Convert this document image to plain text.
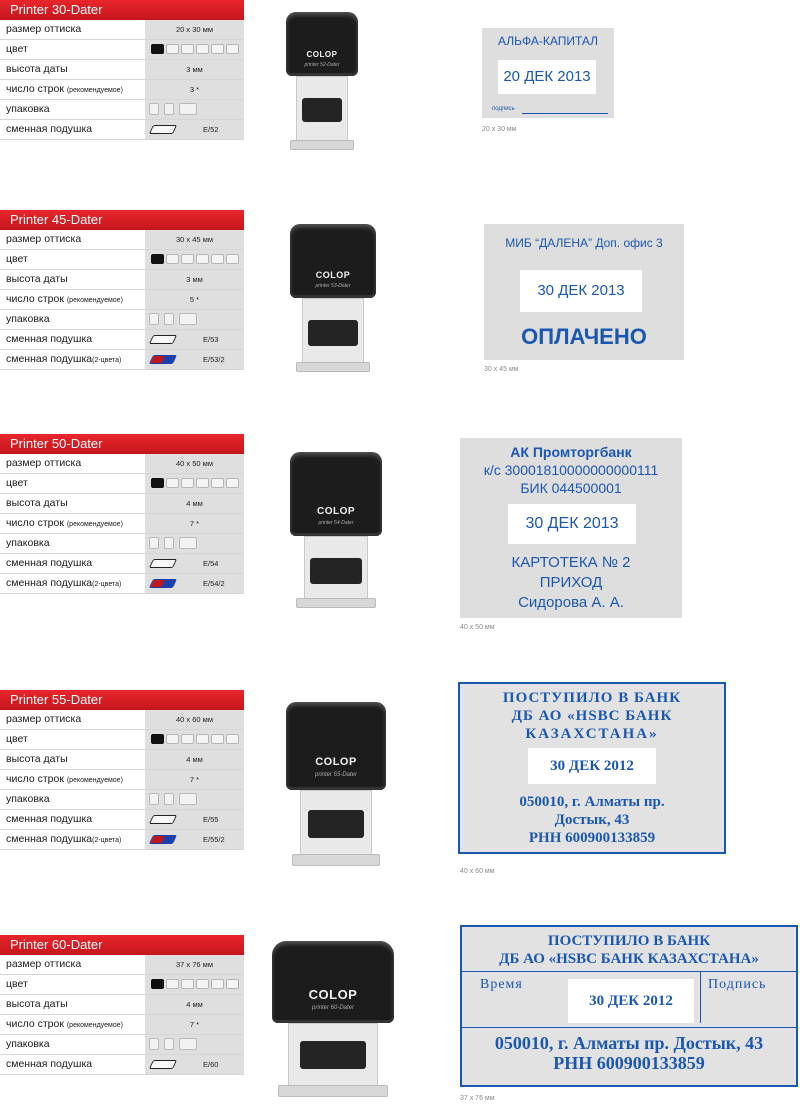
Printer 30-Dater
размер оттиска	20 x 30 мм
цвет
высота даты	3 мм
число строк (рекомендуемое)	3 *
упаковка
сменная подушка	E/52
COLOP
printer 52-Dater
АЛЬФА-КАПИТАЛ
20 ДЕК 2013
подпись
20 x 30 мм
Printer 45-Dater
размер оттиска	30 x 45 мм
цвет
высота даты	3 мм
число строк (рекомендуемое)	5 *
упаковка
сменная подушка	E/53
сменная подушка(2-цвета)	E/53/2
COLOP
printer 53-Dater
МИБ “ДАЛЕНА” Доп. офис 3
30 ДЕК 2013
ОПЛАЧЕНО
30 x 45 мм
Printer 50-Dater
размер оттиска	40 x 50 мм
цвет
высота даты	4 мм
число строк (рекомендуемое)	7 *
упаковка
сменная подушка	E/54
сменная подушка(2-цвета)	E/54/2
COLOP
printer 54-Dater
АК Промторгбанк
к/с 30001810000000000111
БИК 044500001
30 ДЕК 2013
КАРТОТЕКА № 2
ПРИХОД
Сидорова А. А.
40 x 50 мм
Printer 55-Dater
размер оттиска	40 x 60 мм
цвет
высота даты	4 мм
число строк (рекомендуемое)	7 *
упаковка
сменная подушка	E/55
сменная подушка(2-цвета)	E/55/2
COLOP
printer 55-Dater
ПОСТУПИЛО В БАНК
ДБ АО «HSBC БАНК
КАЗАХСТАНА»
30 ДЕК 2012
050010, г. Алматы пр.
Достык, 43
РНН 600900133859
40 x 60 мм
Printer 60-Dater
размер оттиска	37 x 76 мм
цвет
высота даты	4 мм
число строк (рекомендуемое)	7 *
упаковка
сменная подушка	E/60
COLOP
printer 60-Dater
ПОСТУПИЛО В БАНК
ДБ АО «HSBC БАНК КАЗАХСТАНА»
Время
30 ДЕК 2012
Подпись
050010, г. Алматы пр. Достык, 43
РНН 600900133859
37 x 76 мм
